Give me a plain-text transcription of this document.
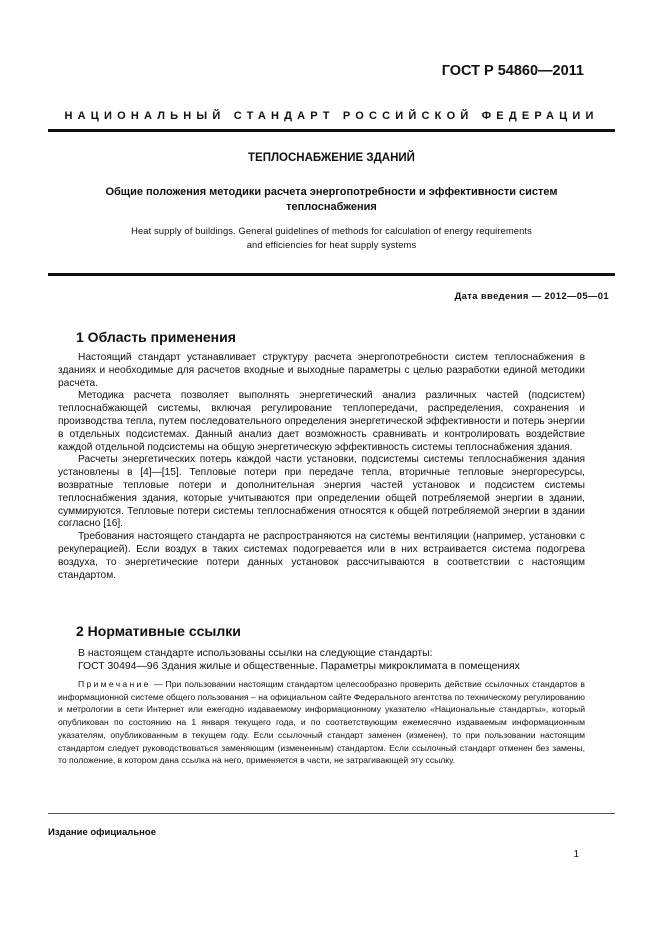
ГОСТ Р 54860—2011
НАЦИОНАЛЬНЫЙ СТАНДАРТ РОССИЙСКОЙ ФЕДЕРАЦИИ
ТЕПЛОСНАБЖЕНИЕ ЗДАНИЙ
Общие положения методики расчета энергопотребности и эффективности систем
теплоснабжения
Heat supply of buildings. General guidelines of methods for calculation of energy requirements
and efficiencies for heat supply systems
Дата введения — 2012—05—01
1 Область применения

Настоящий стандарт устанавливает структуру расчета энергопотребности систем теплоснабжения в зданиях и необходимые для расчетов входные и выходные параметры с целью разработки единой методики расчета.

Методика расчета позволяет выполнять энергетический анализ различных частей (подсистем) теплоснабжающей системы, включая регулирование теплопередачи, распределения, сохранения и производства тепла, путем последовательного определения энергетической эффективности и потерь энергии в отдельных подсистемах. Данный анализ дает возможность сравнивать и контролировать воздействие каждой отдельной подсистемы на общую энергетическую эффективность системы теплоснабжения здания.

Расчеты энергетических потерь каждой части установки, подсистемы системы теплоснабжения здания установлены в [4]—[15]. Тепловые потери при передаче тепла, вторичные тепловые энергоресурсы, возвратные тепловые потери и дополнительная энергия частей установок и подсистем системы теплоснабжения здания, которые учитываются при определении общей потребляемой энергии в здании, суммируются. Тепловые потери системы теплоснабжения относятся к общей потребляемой энергии в здании согласно [16].

Требования настоящего стандарта не распространяются на системы вентиляции (например, установки с рекуперацией). Если воздух в таких системах подогревается или в них встраивается система подогрева воздуха, то энергетические потери данных установок рассчитываются в соответствии с настоящим стандартом.

2 Нормативные ссылки
В настоящем стандарте использованы ссылки на следующие стандарты:
ГОСТ 30494—96 Здания жилые и общественные. Параметры микроклимата в помещениях

Примечание — При пользовании настоящим стандартом целесообразно проверить действие ссылочных стандартов в информационной системе общего пользования – на официальном сайте Федерального агентства по техническому регулированию и метрологии в сети Интернет или ежегодно издаваемому информационному указателю «Национальные стандарты», который опубликован по состоянию на 1 января текущего года, и по соответствующим ежемесячно издаваемым информационным указателям, опубликованным в текущем году. Если ссылочный стандарт заменен (изменен), то при пользовании настоящим стандартом следует руководствоваться заменяющим (измененным) стандартом. Если ссылочный стандарт отменен без замены, то положение, в котором дана ссылка на него, применяется в части, не затрагивающей эту ссылку.

Издание официальное
1
